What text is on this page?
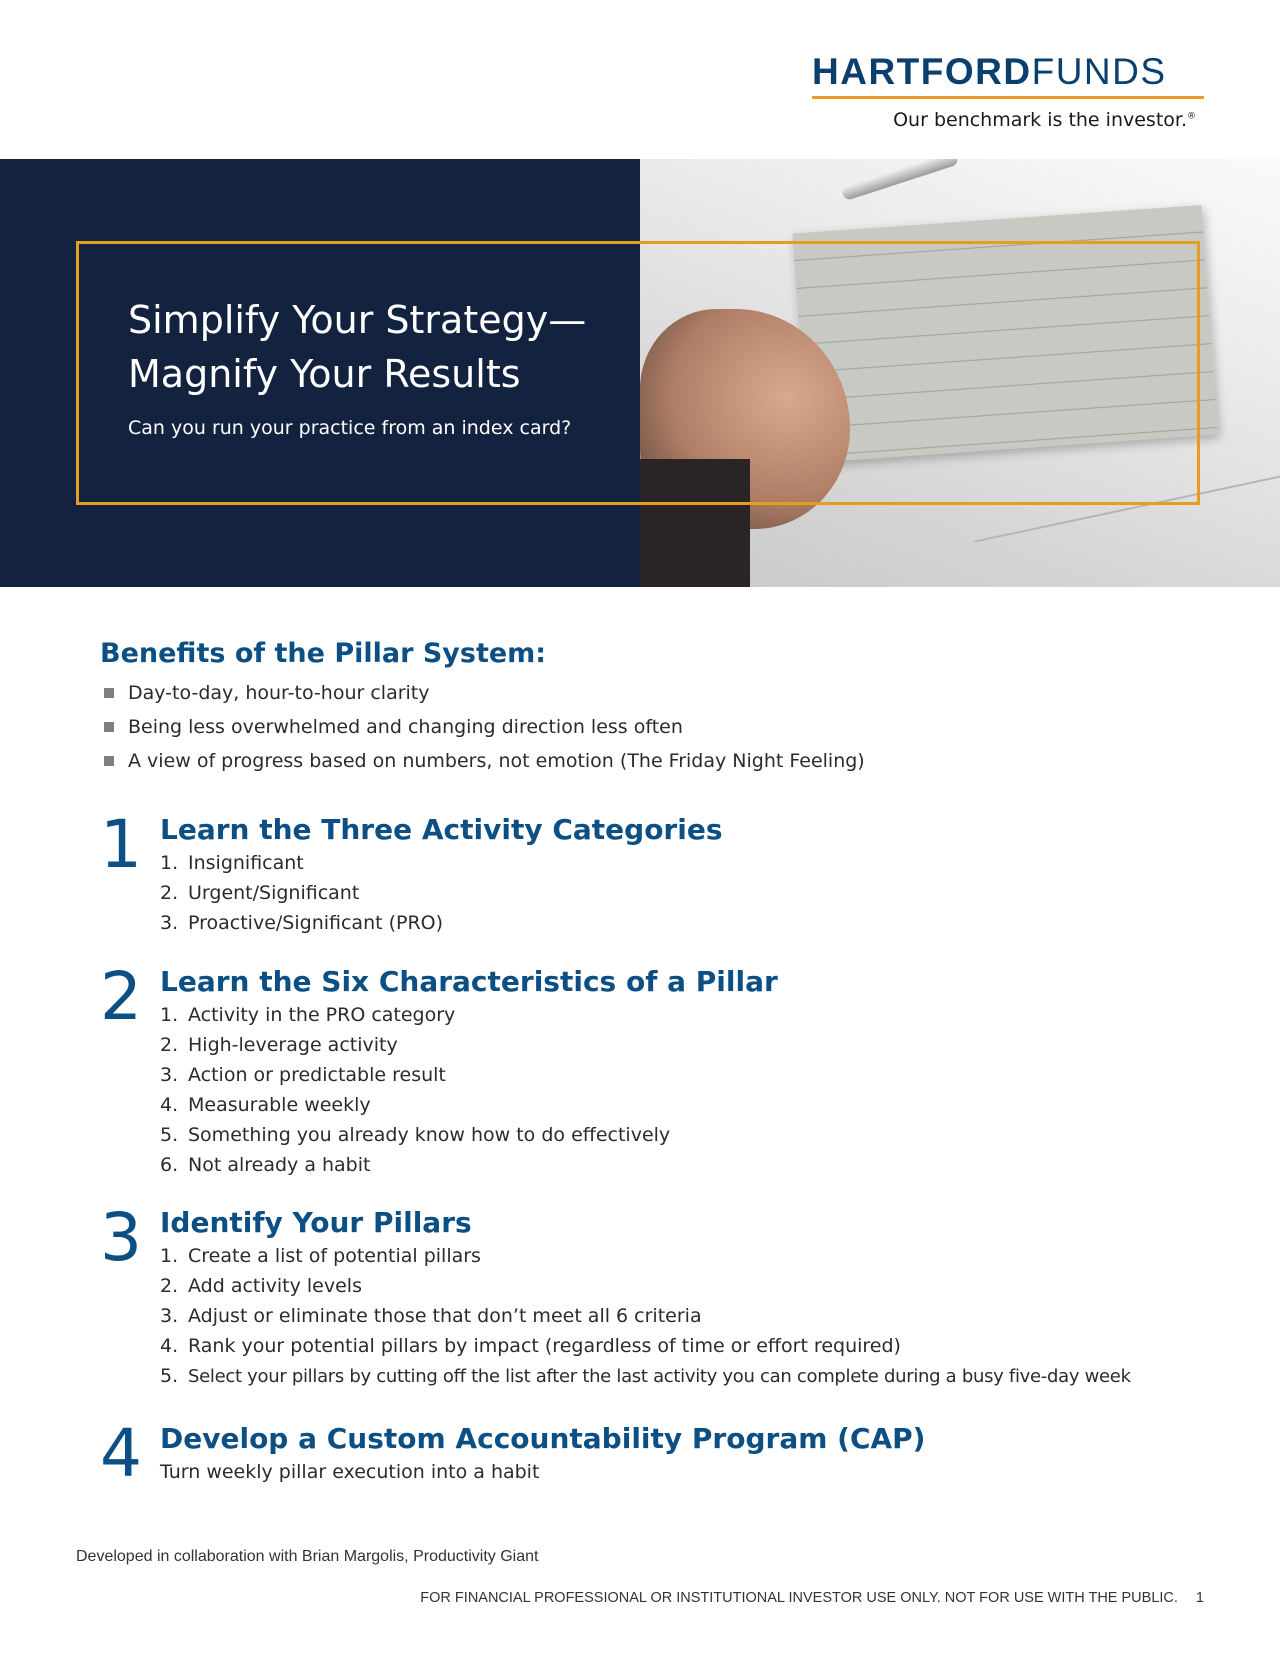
HARTFORDFUNDS
Our benchmark is the investor.®
Simplify Your Strategy—
Magnify Your Results
Can you run your practice from an index card?
Benefits of the Pillar System:
Day-to-day, hour-to-hour clarity
Being less overwhelmed and changing direction less often
A view of progress based on numbers, not emotion (The Friday Night Feeling)
1 Learn the Three Activity Categories
1. Insignificant
2. Urgent/Significant
3. Proactive/Significant (PRO)
2 Learn the Six Characteristics of a Pillar
1. Activity in the PRO category
2. High-leverage activity
3. Action or predictable result
4. Measurable weekly
5. Something you already know how to do effectively
6. Not already a habit
3 Identify Your Pillars
1. Create a list of potential pillars
2. Add activity levels
3. Adjust or eliminate those that don’t meet all 6 criteria
4. Rank your potential pillars by impact (regardless of time or effort required)
5. Select your pillars by cutting off the list after the last activity you can complete during a busy five-day week
4 Develop a Custom Accountability Program (CAP)
Turn weekly pillar execution into a habit
Developed in collaboration with Brian Margolis, Productivity Giant
FOR FINANCIAL PROFESSIONAL OR INSTITUTIONAL INVESTOR USE ONLY. NOT FOR USE WITH THE PUBLIC. 1
